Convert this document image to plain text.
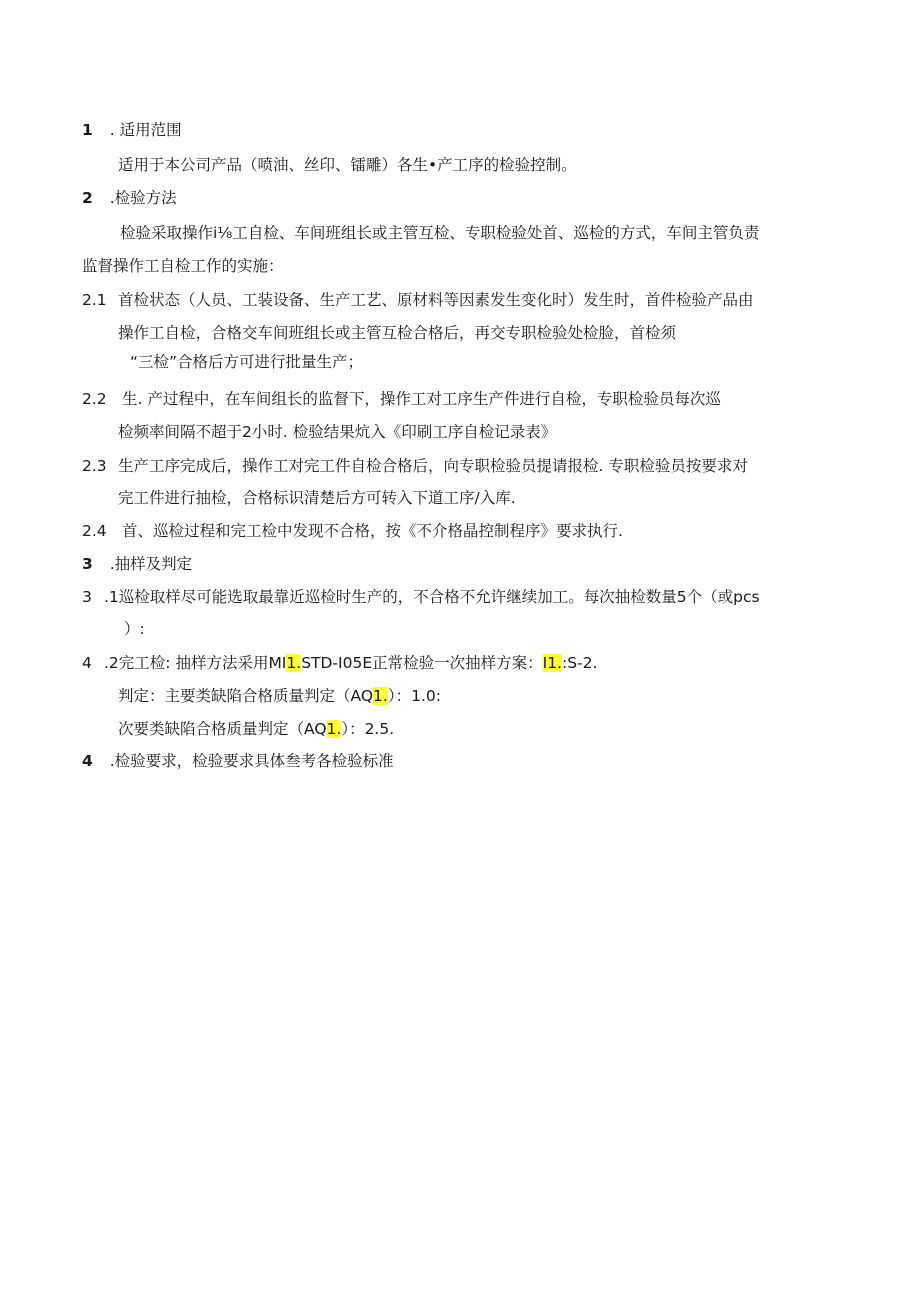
1 . 适用范围
适用于本公司产品（喷油、丝印、镭雕）各生•产工序的检验控制。
2 .检验方法
检验采取操作i⅛工自检、车间班组长或主管互检、专职检验处首、巡检的方式，车间主管负责
监督操作工自检工作的实施：
2.1 首检状态（人员、工装设备、生产工艺、原材料等因素发生变化时）发生时，首件检验产品由
操作工自检，合格交车间班组长或主管互检合格后，再交专职检验处检脸，首检须
“三检”合格后方可进行批量生产；
2.2 生. 产过程中，在车间组长的监督下，操作工对工序生产件进行自检，专职检验员每次巡
检频率间隔不超于2小时. 检验结果炕入《印刷工序自检记录表》
2.3 生产工序完成后，操作工对完工件自检合格后，向专职检验员提请报检. 专职检验员按要求对
完工件进行抽检，合格标识清楚后方可转入下道工序/入库.
2.4 首、巡检过程和完工检中发现不合格，按《不介格晶控制程序》要求执行.
3 .抽样及判定
3 .1巡检取样尽可能选取最靠近巡检时生产的，不合格不允许继续加工。每次抽检数量5个（或pcs
）:
4 .2完工检: 抽样方法采用MI1.STD-I05E正常检验一次抽样方案：I1.:S-2.
判定：主要类缺陷合格质量判定（AQ1.）：1.0:
次要类缺陷合格质量判定（AQ1.）：2.5.
4 .检验要求，检验要求具体叁考各检验标准
